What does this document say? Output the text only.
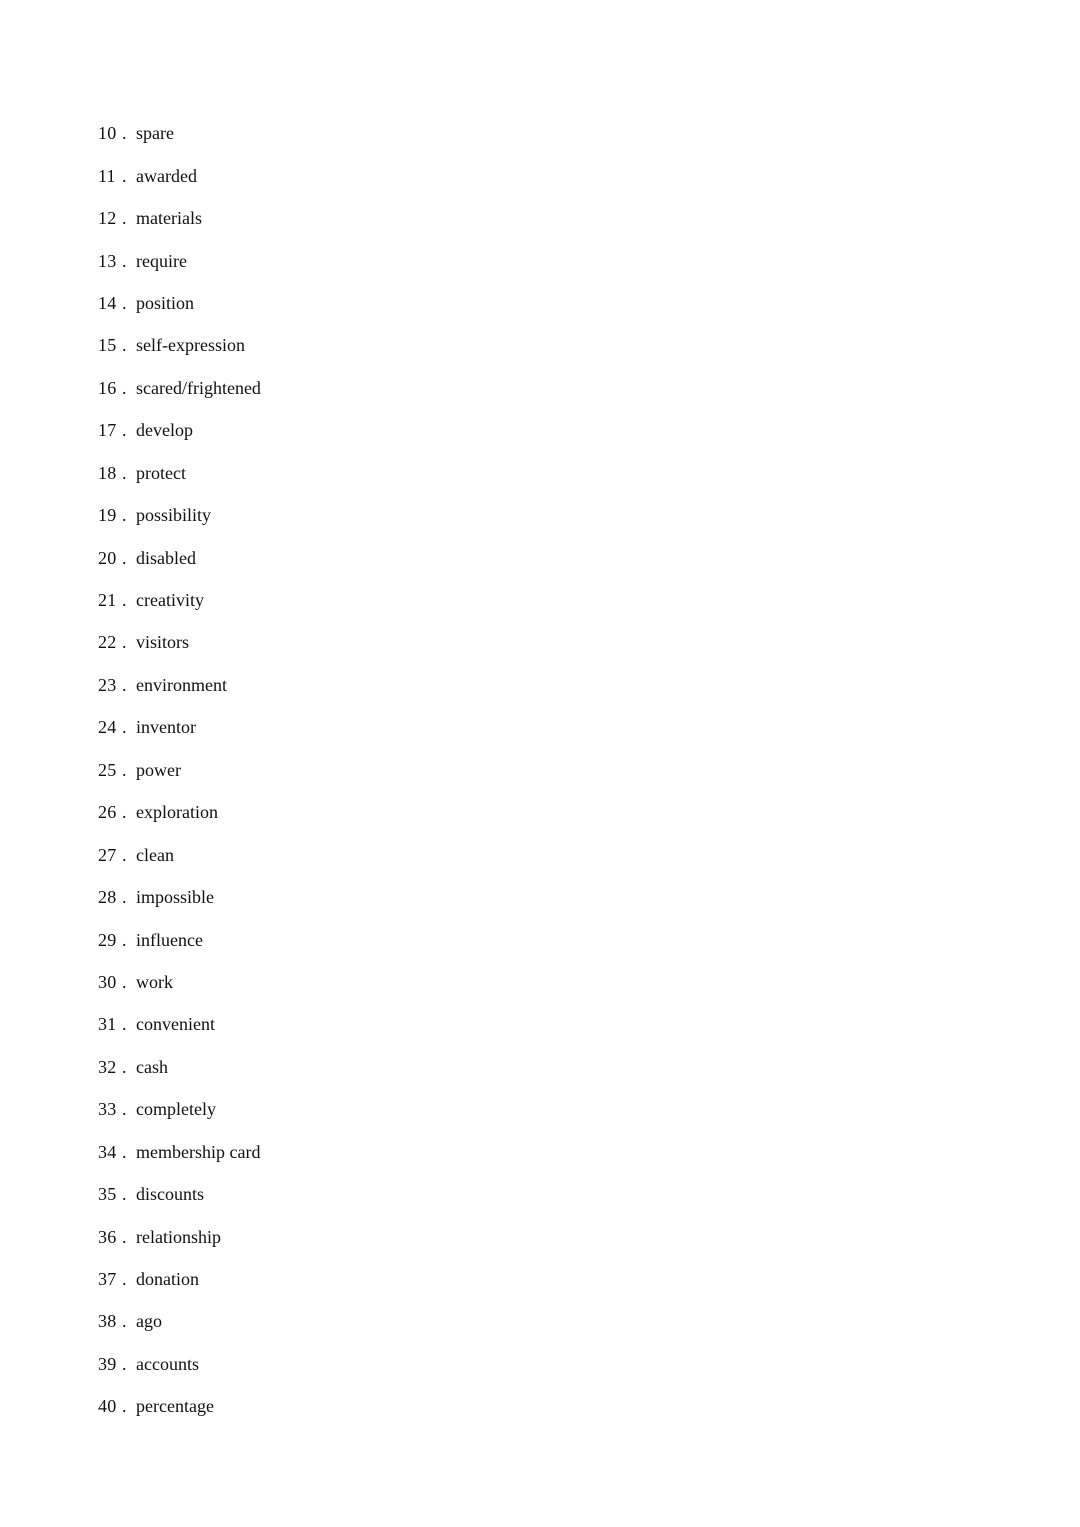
10 . spare
11 . awarded
12 . materials
13 . require
14 . position
15 . self-expression
16 . scared/frightened
17 . develop
18 . protect
19 . possibility
20 . disabled
21 . creativity
22 . visitors
23 . environment
24 . inventor
25 . power
26 . exploration
27 . clean
28 . impossible
29 . influence
30 . work
31 . convenient
32 . cash
33 . completely
34 . membership card
35 . discounts
36 . relationship
37 . donation
38 . ago
39 . accounts
40 . percentage
